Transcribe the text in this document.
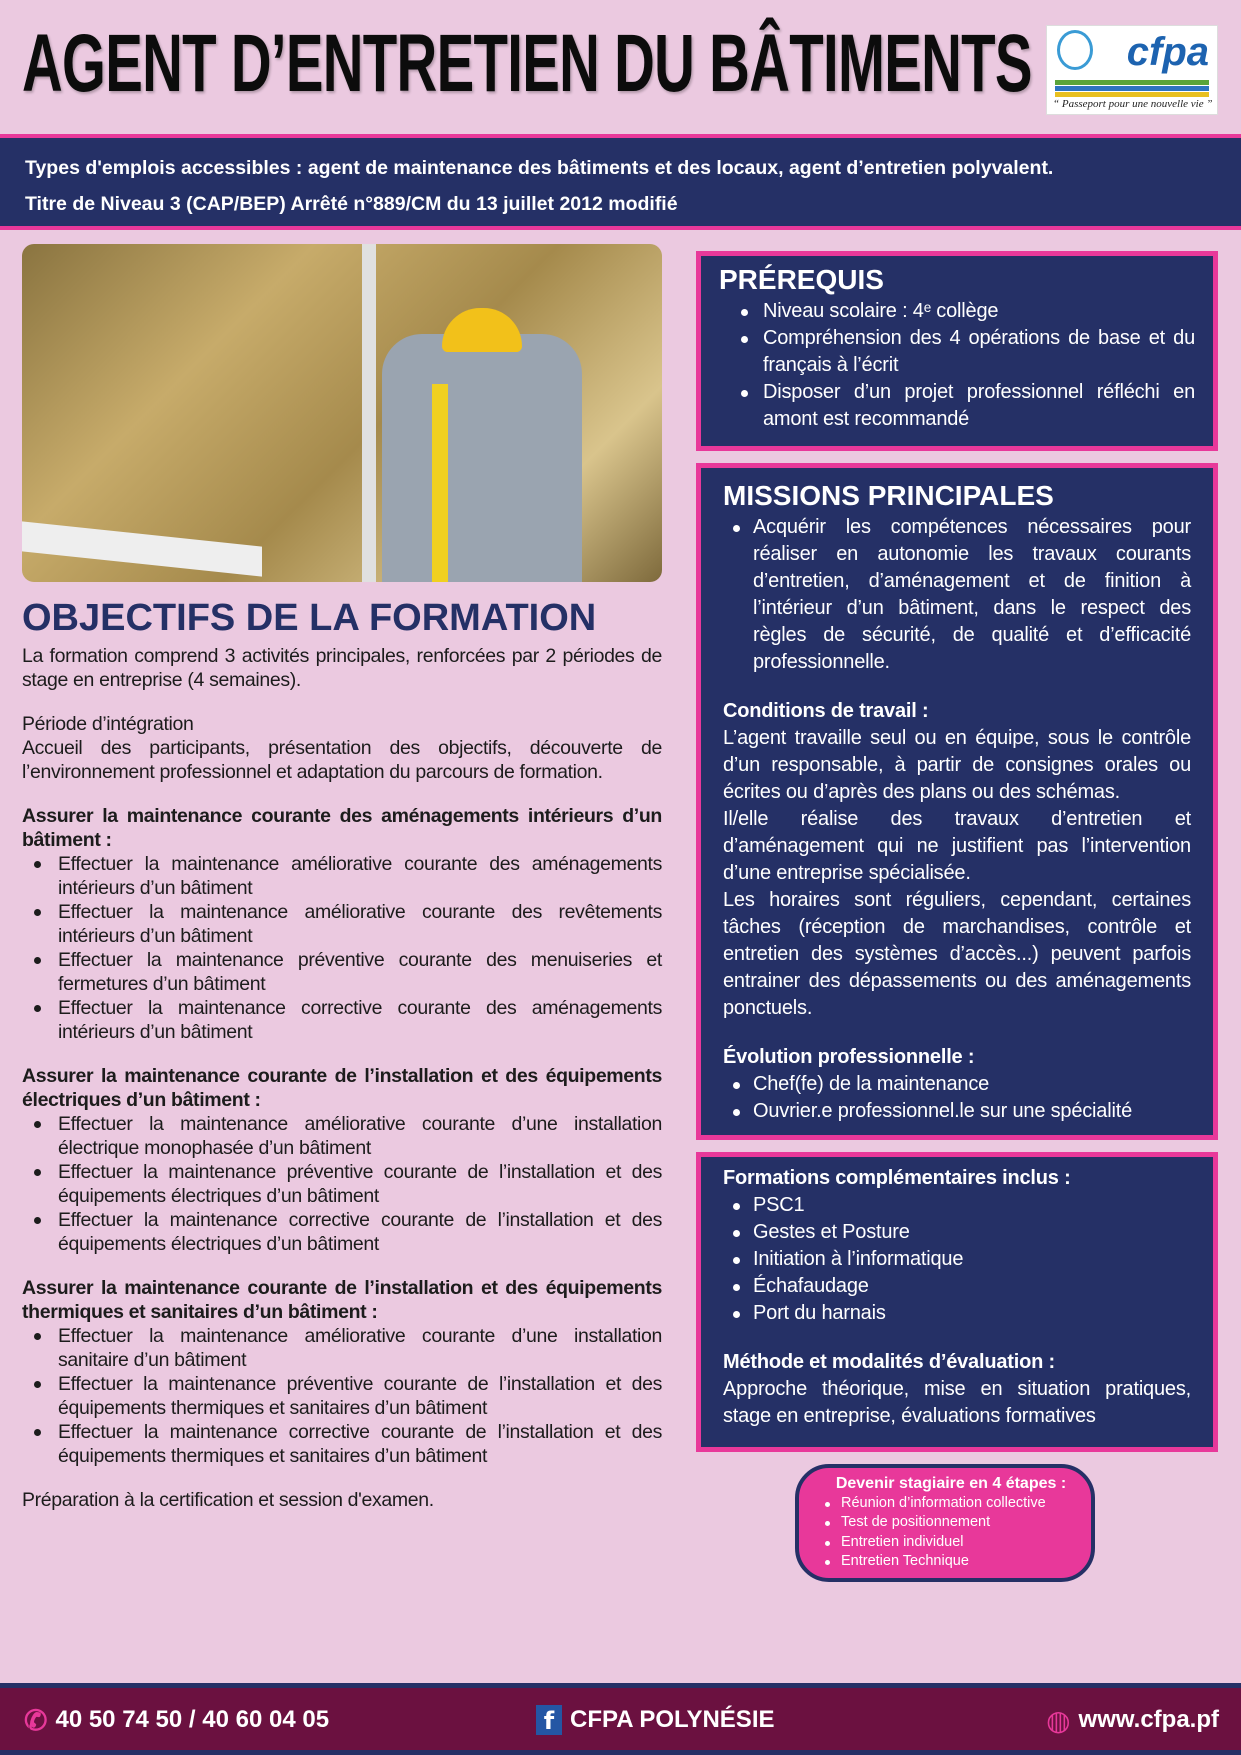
AGENT D’ENTRETIEN DU BÂTIMENTS cfpa
“ Passeport pour une nouvelle vie ”
Types d'emplois accessibles : agent de maintenance des bâtiments et des locaux, agent d’entretien polyvalent.
Titre de Niveau 3 (CAP/BEP) Arrêté n°889/CM du 13 juillet 2012 modifié
OBJECTIFS DE LA FORMATION

La formation comprend 3 activités principales, renforcées par 2 périodes de stage en entreprise (4 semaines).

Période d’intégration

Accueil des participants, présentation des objectifs, découverte de l’environnement professionnel et adaptation du parcours de formation.

Assurer la maintenance courante des aménagements intérieurs d’un bâtiment :
Effectuer la maintenance améliorative courante des aménagements intérieurs d’un bâtiment
Effectuer la maintenance améliorative courante des revêtements intérieurs d’un bâtiment
Effectuer la maintenance préventive courante des menuiseries et fermetures d’un bâtiment
Effectuer la maintenance corrective courante des aménagements intérieurs d’un bâtiment
Assurer la maintenance courante de l’installation et des équipements électriques d’un bâtiment :
Effectuer la maintenance améliorative courante d’une installation électrique monophasée d’un bâtiment
Effectuer la maintenance préventive courante de l’installation et des équipements électriques d’un bâtiment
Effectuer la maintenance corrective courante de l’installation et des équipements électriques d’un bâtiment
Assurer la maintenance courante de l’installation et des équipements thermiques et sanitaires d’un bâtiment :
Effectuer la maintenance améliorative courante d’une installation sanitaire d’un bâtiment
Effectuer la maintenance préventive courante de l’installation et des équipements thermiques et sanitaires d’un bâtiment
Effectuer la maintenance corrective courante de l’installation et des équipements thermiques et sanitaires d’un bâtiment
Préparation à la certification et session d'examen.
PRÉREQUIS
Niveau scolaire : 4ᵉ collège
Compréhension des 4 opérations de base et du français à l’écrit
Disposer d’un projet professionnel réfléchi en amont est recommandé
MISSIONS PRINCIPALES
Acquérir les compétences nécessaires pour réaliser en autonomie les travaux courants d’entretien, d’aménagement et de finition à l’intérieur d’un bâtiment, dans le respect des règles de sécurité, de qualité et d’efficacité professionnelle.
Conditions de travail :
L’agent travaille seul ou en équipe, sous le contrôle d’un responsable, à partir de consignes orales ou écrites ou d’après des plans ou des schémas.
Il/elle réalise des travaux d’entretien et d’aménagement qui ne justifient pas l’intervention d’une entreprise spécialisée.
Les horaires sont réguliers, cependant, certaines tâches (réception de marchandises, contrôle et entretien des systèmes d’accès...) peuvent parfois entrainer des dépassements ou des aménagements ponctuels.
Évolution professionnelle :
Chef(fe) de la maintenance
Ouvrier.e professionnel.le sur une spécialité
Formations complémentaires inclus :
PSC1
Gestes et Posture
Initiation à l’informatique
Échafaudage
Port du harnais
Méthode et modalités d’évaluation :
Approche théorique, mise en situation pratiques, stage en entreprise, évaluations formatives
Devenir stagiaire en 4 étapes :
Réunion d’information collective
Test de positionnement
Entretien individuel
Entretien Technique
✆ 40 50 74 50 / 40 60 04 05	f CFPA POLYNÉSIE	◍ www.cfpa.pf
